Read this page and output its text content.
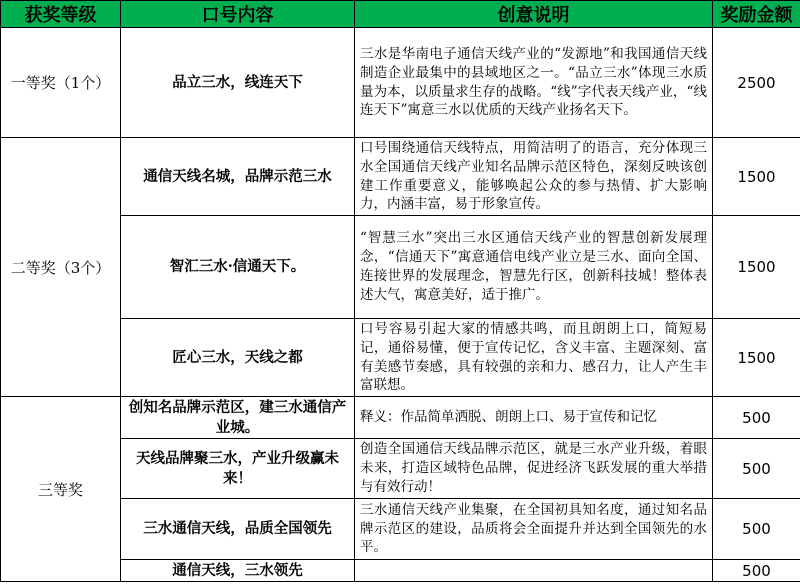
获奖等级	口号内容	创意说明	奖励金额
一等奖（1个）	品立三水，线连天下	三水是华南电子通信天线产业的“发源地”和我国通信天线制造企业最集中的县域地区之一。“品立三水”体现三水质量为本，以质量求生存的战略。“线”字代表天线产业，“线连天下”寓意三水以优质的天线产业扬名天下。	2500
二等奖（3个）	通信天线名城，品牌示范三水	口号围绕通信天线特点，用简洁明了的语言，充分体现三水全国通信天线产业知名品牌示范区特色，深刻反映该创建工作重要意义，能够唤起公众的参与热情、扩大影响力，内涵丰富，易于形象宣传。	1500
	智汇三水·信通天下。	“智慧三水”突出三水区通信天线产业的智慧创新发展理念，“信通天下”寓意通信电线产业立是三水、面向全国、连接世界的发展理念，智慧先行区，创新科技城！整体表述大气，寓意美好，适于推广。	1500
	匠心三水，天线之都	口号容易引起大家的情感共鸣，而且朗朗上口，简短易记，通俗易懂，便于宣传记忆，含义丰富、主题深刻、富有美感节奏感，具有较强的亲和力、感召力，让人产生丰富联想。	1500
三等奖	创知名品牌示范区，建三水通信产业城。	释义：作品简单洒脱、朗朗上口、易于宣传和记忆	500
	天线品牌聚三水，产业升级赢未来！	创造全国通信天线品牌示范区，就是三水产业升级，着眼未来，打造区域特色品牌，促进经济飞跃发展的重大举措与有效行动！	500
	三水通信天线，品质全国领先	三水通信天线产业集聚，在全国初具知名度，通过知名品牌示范区的建设，品质将会全面提升并达到全国领先的水平。	500
	通信天线，三水领先		500
